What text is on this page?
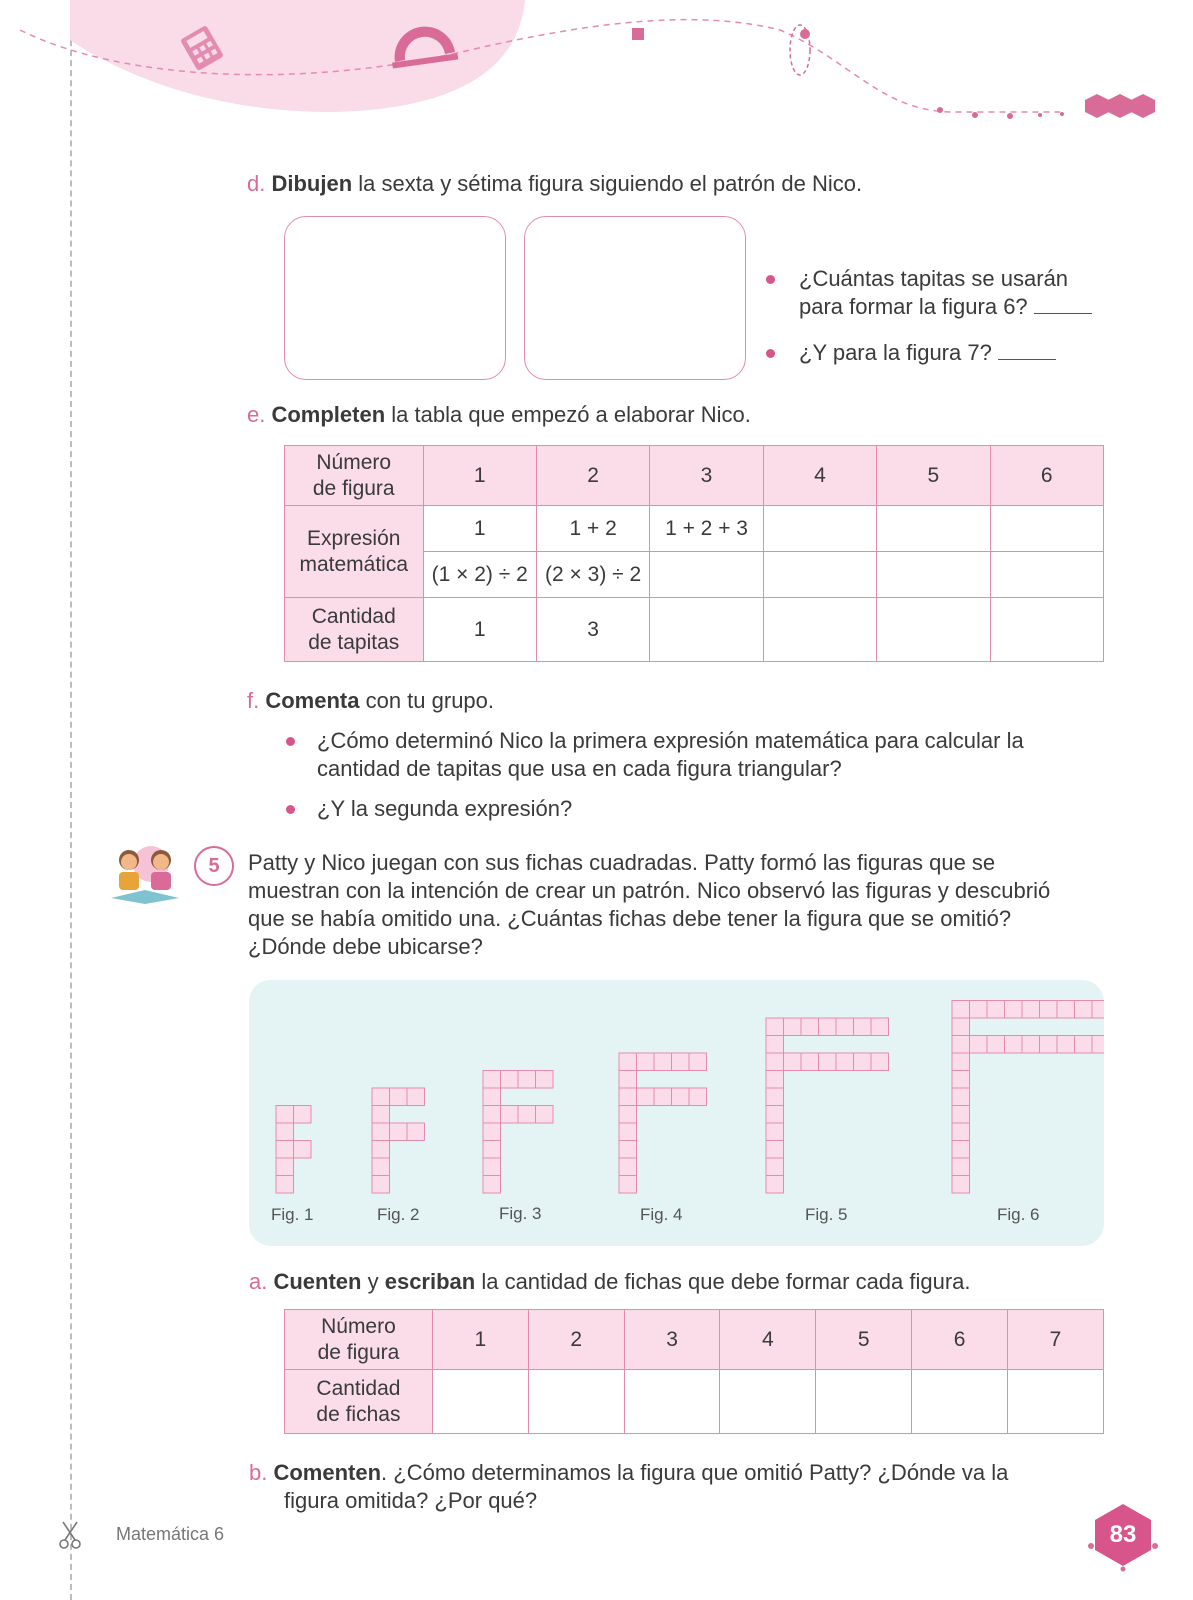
d. Dibujen la sexta y sétima figura siguiendo el patrón de Nico.
¿Cuántas tapitas se usarán
para formar la figura 6?
¿Y para la figura 7?
e. Completen la tabla que empezó a elaborar Nico.
Número
de figura	1	2	3	4	5	6

Expresión
matemática	1	1 + 2	1 + 2 + 3			
	(1 × 2) ÷ 2	(2 × 3) ÷ 2				

Cantidad
de tapitas	1	3				
f. Comenta con tu grupo.
¿Cómo determinó Nico la primera expresión matemática para calcular la
cantidad de tapitas que usa en cada figura triangular?
¿Y la segunda expresión?
5	Patty y Nico juegan con sus fichas cuadradas. Patty formó las figuras que se
muestran con la intención de crear un patrón. Nico observó las figuras y descubrió
que se había omitido una. ¿Cuántas fichas debe tener la figura que se omitió?
¿Dónde debe ubicarse?
Fig. 1	Fig. 2	Fig. 3	Fig. 4	Fig. 5	Fig. 6
a. Cuenten y escriban la cantidad de fichas que debe formar cada figura.
Número
de figura	1	2	3	4	5	6	7

Cantidad
de fichas							

b. Comenten. ¿Cómo determinamos la figura que omitió Patty? ¿Dónde va la
figura omitida? ¿Por qué?
Matemática 6	83
